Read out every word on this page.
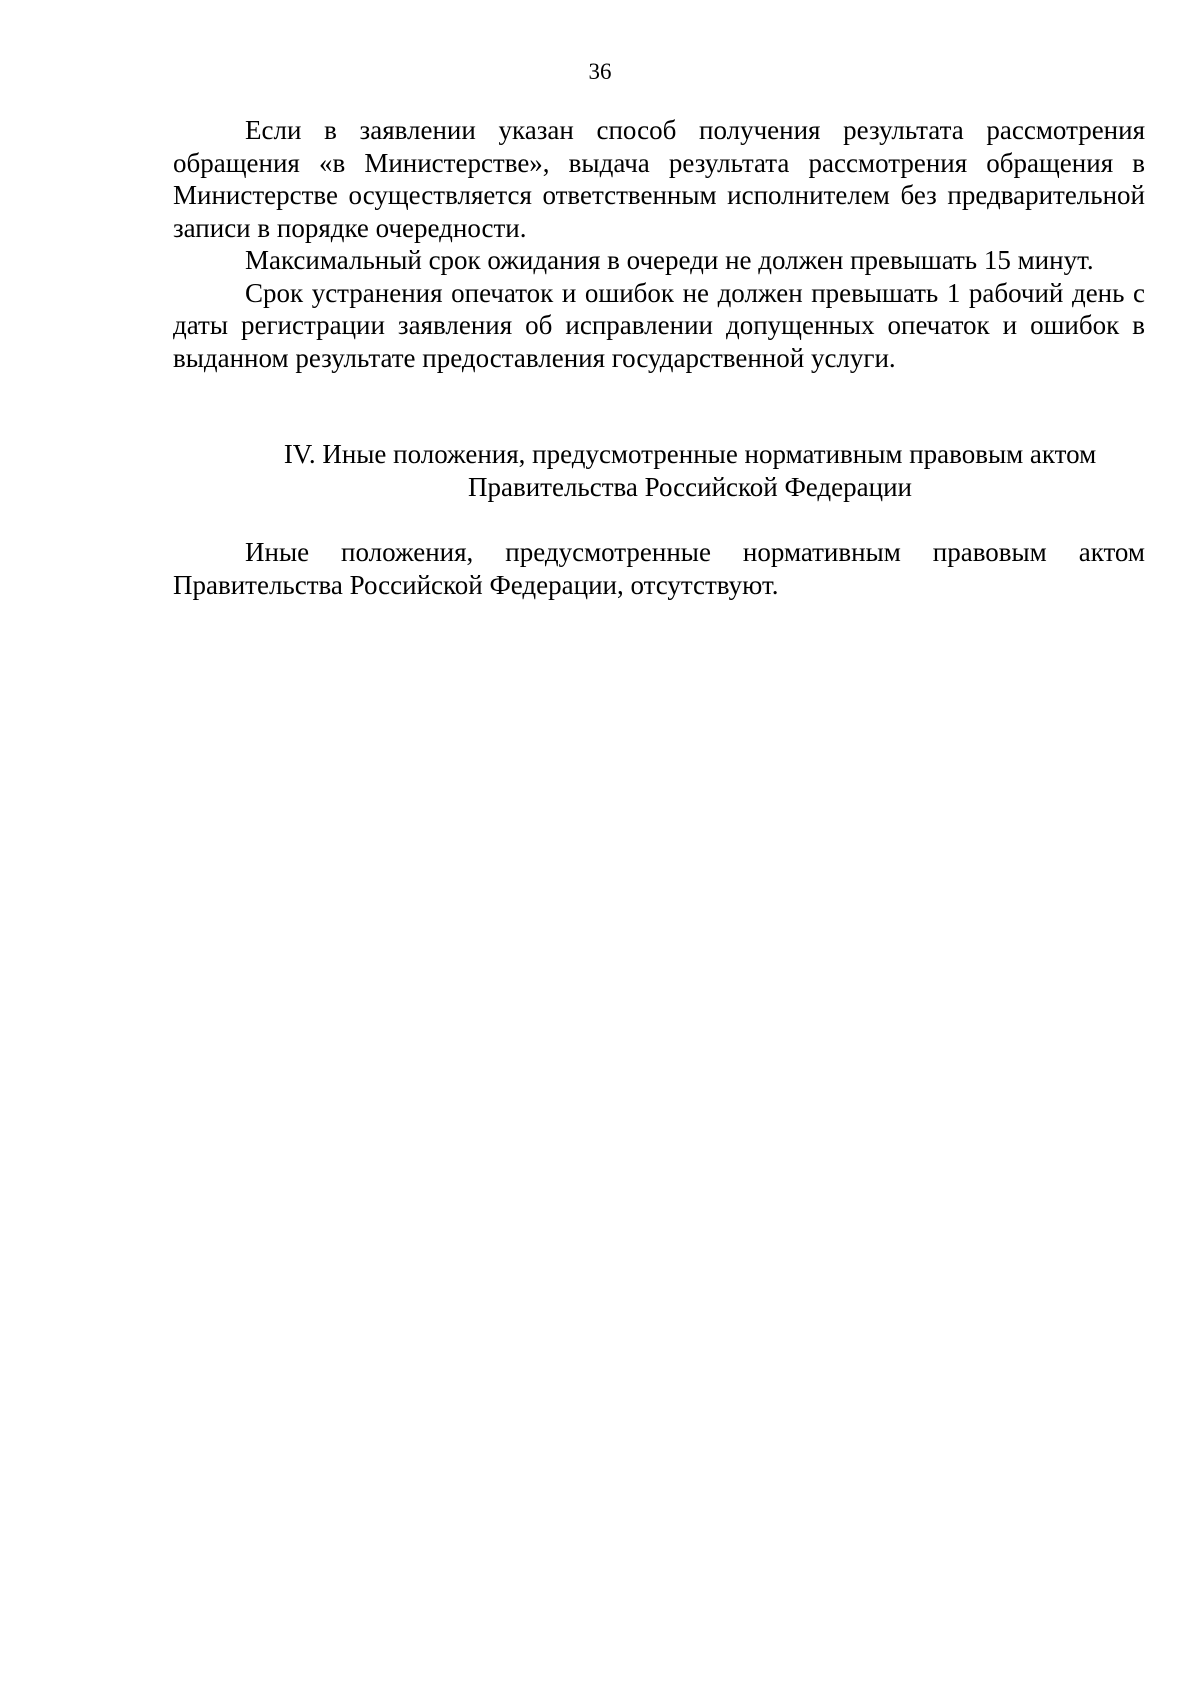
36

Если в заявлении указан способ получения результата рассмотрения обращения «в Министерстве», выдача результата рассмотрения обращения в Министерстве осуществляется ответственным исполнителем без предварительной записи в порядке очередности.

Максимальный срок ожидания в очереди не должен превышать 15 минут.

Срок устранения опечаток и ошибок не должен превышать 1 рабочий день с даты регистрации заявления об исправлении допущенных опечаток и ошибок в выданном результате предоставления государственной услуги.

IV. Иные положения, предусмотренные нормативным правовым актом
Правительства Российской Федерации

Иные положения, предусмотренные нормативным правовым актом Правительства Российской Федерации, отсутствуют.
